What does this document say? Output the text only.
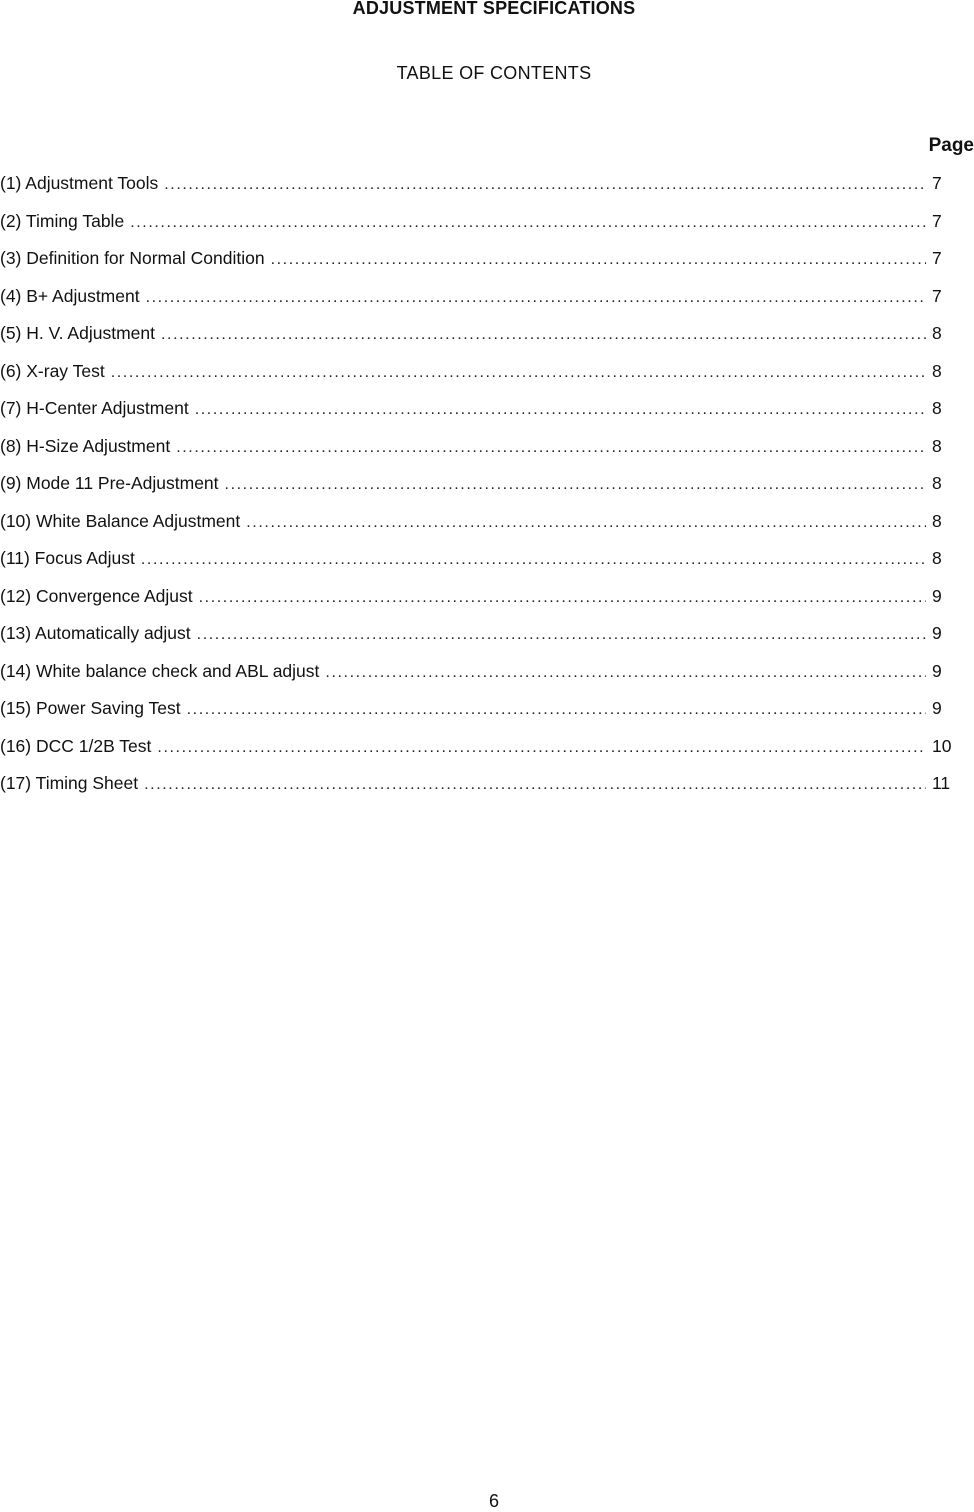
ADJUSTMENT SPECIFICATIONS
TABLE OF CONTENTS
Page
(1) Adjustment Tools .....	7
(2) Timing Table .....	7
(3) Definition for Normal Condition .....	7
(4) B+ Adjustment .....	7
(5) H. V. Adjustment .....	8
(6) X-ray Test .....	8
(7) H-Center Adjustment .....	8
(8) H-Size Adjustment .....	8
(9) Mode 11 Pre-Adjustment .....	8
(10) White Balance Adjustment .....	8
(11) Focus Adjust .....	8
(12) Convergence Adjust .....	9
(13) Automatically adjust .....	9
(14) White balance check and ABL adjust .....	9
(15) Power Saving Test .....	9
(16) DCC 1/2B Test .....	10
(17) Timing Sheet .....	11
6
